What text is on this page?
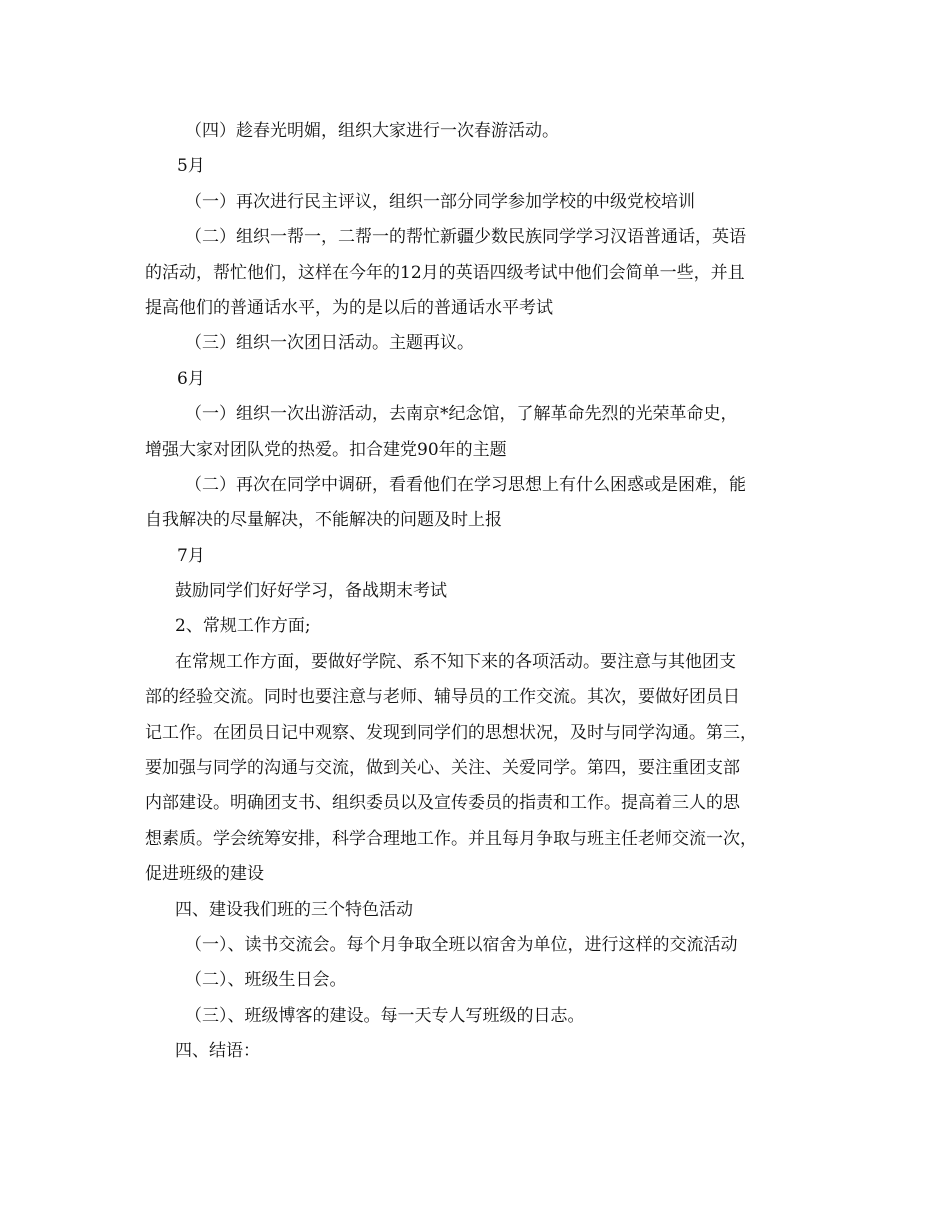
（四）趁春光明媚，组织大家进行一次春游活动。
5月
（一）再次进行民主评议，组织一部分同学参加学校的中级党校培训
（二）组织一帮一，二帮一的帮忙新疆少数民族同学学习汉语普通话，英语
的活动，帮忙他们，这样在今年的12月的英语四级考试中他们会简单一些，并且
提高他们的普通话水平，为的是以后的普通话水平考试
（三）组织一次团日活动。主题再议。
6月
（一）组织一次出游活动，去南京*纪念馆，了解革命先烈的光荣革命史，
增强大家对团队党的热爱。扣合建党90年的主题
（二）再次在同学中调研，看看他们在学习思想上有什么困惑或是困难，能
自我解决的尽量解决，不能解决的问题及时上报
7月
鼓励同学们好好学习，备战期末考试
2、常规工作方面;
在常规工作方面，要做好学院、系不知下来的各项活动。要注意与其他团支
部的经验交流。同时也要注意与老师、辅导员的工作交流。其次，要做好团员日
记工作。在团员日记中观察、发现到同学们的思想状况，及时与同学沟通。第三，
要加强与同学的沟通与交流，做到关心、关注、关爱同学。第四，要注重团支部
内部建设。明确团支书、组织委员以及宣传委员的指责和工作。提高着三人的思
想素质。学会统筹安排，科学合理地工作。并且每月争取与班主任老师交流一次，
促进班级的建设
四、建设我们班的三个特色活动
（一）、读书交流会。每个月争取全班以宿舍为单位，进行这样的交流活动
（二）、班级生日会。
（三）、班级博客的建设。每一天专人写班级的日志。
四、结语：
